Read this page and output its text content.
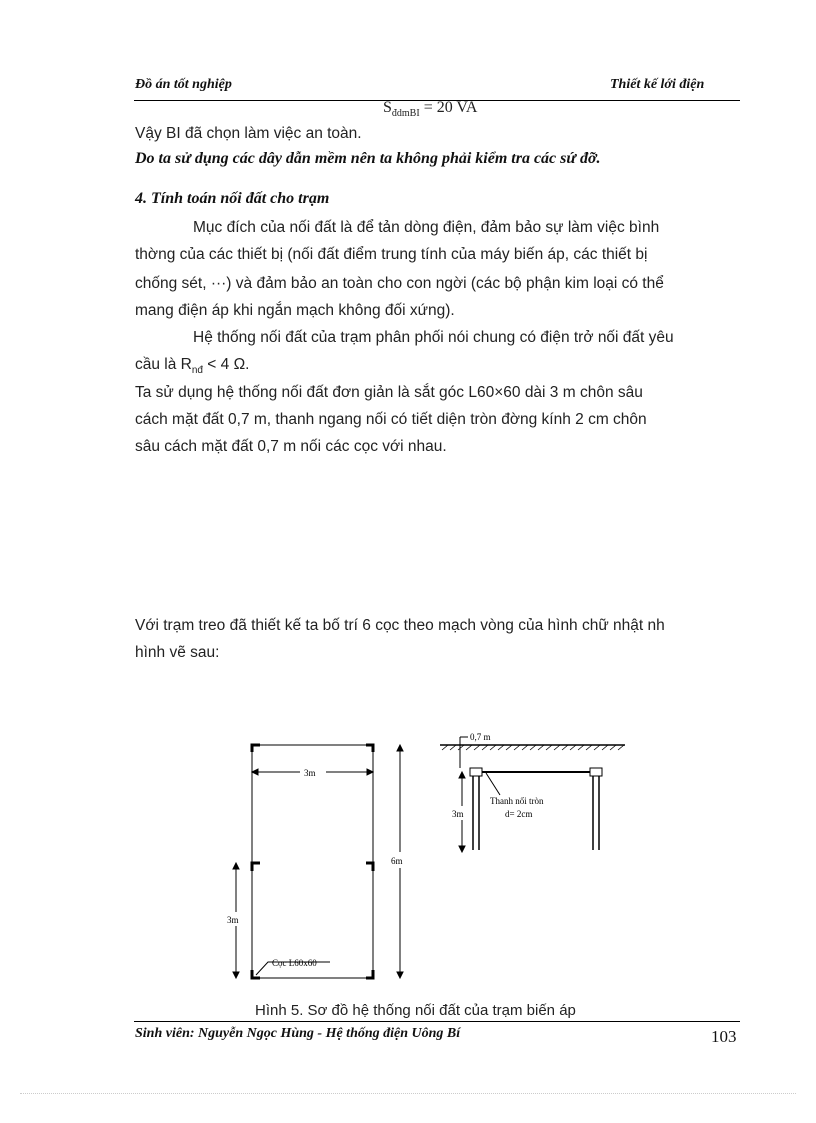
Đồ án tốt nghiệp	Thiết kế lới điện
$S_{đdmBI} = 20$ VA
Vậy BI đã chọn làm việc an toàn.
Do ta sử dụng các dây dẫn mềm nên ta không phải kiểm tra các sứ đỡ.
4. Tính toán nối đất cho trạm
Mục đích của nối đất là để tản dòng điện, đảm bảo sự làm việc bình
thờng của các thiết bị (nối đất điểm trung tính của máy biến áp, các thiết bị
chống sét, ···) và đảm bảo an toàn cho con ngời (các bộ phận kim loại có thể
mang điện áp khi ngắn mạch không đối xứng).
Hệ thống nối đất của trạm phân phối nói chung có điện trở nối đất yêu
cầu là $R_{nđ} < 4$ Ω.
Ta sử dụng hệ thống nối đất đơn giản là sắt góc L60×60 dài 3 m chôn sâu
cách mặt đất 0,7 m, thanh ngang nối có tiết diện tròn đờng kính 2 cm chôn
sâu cách mặt đất 0,7 m nối các cọc với nhau.
Với trạm treo đã thiết kế ta bố trí 6 cọc theo mạch vòng của hình chữ nhật nh
hình vẽ sau:
3m
6m
3m
Cọc L60x60
0,7 m
3m
Thanh nối tròn
d= 2cm
Hình 5. Sơ đồ hệ thống nối đất của trạm biến áp
Sinh viên: Nguyễn Ngọc Hùng - Hệ thống điện Uông Bí	103
